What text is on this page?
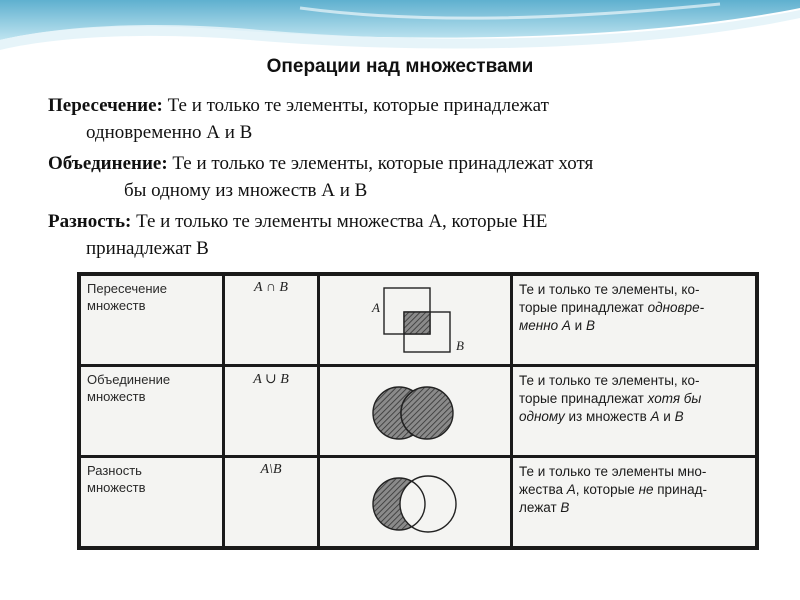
Операции над множествами
Пересечение: Те и только те элементы, которые принадлежат
одновременно А и В
Объединение: Те и только те элементы, которые принадлежат хотя
бы одному из множеств А и В
Разность: Те и только те элементы множества А, которые НЕ
принадлежат В
Пересечение
множеств
A ∩ B
A
B
Те и только те элементы, ко-
торые принадлежат одновре-
менно A и B
Объединение
множеств
A ∪ B	Те и только те элементы, ко-
торые принадлежат хотя бы
одному из множеств A и B
Разность
множеств
A\B	Те и только те элементы мно-
жества A, которые не принад-
лежат B
